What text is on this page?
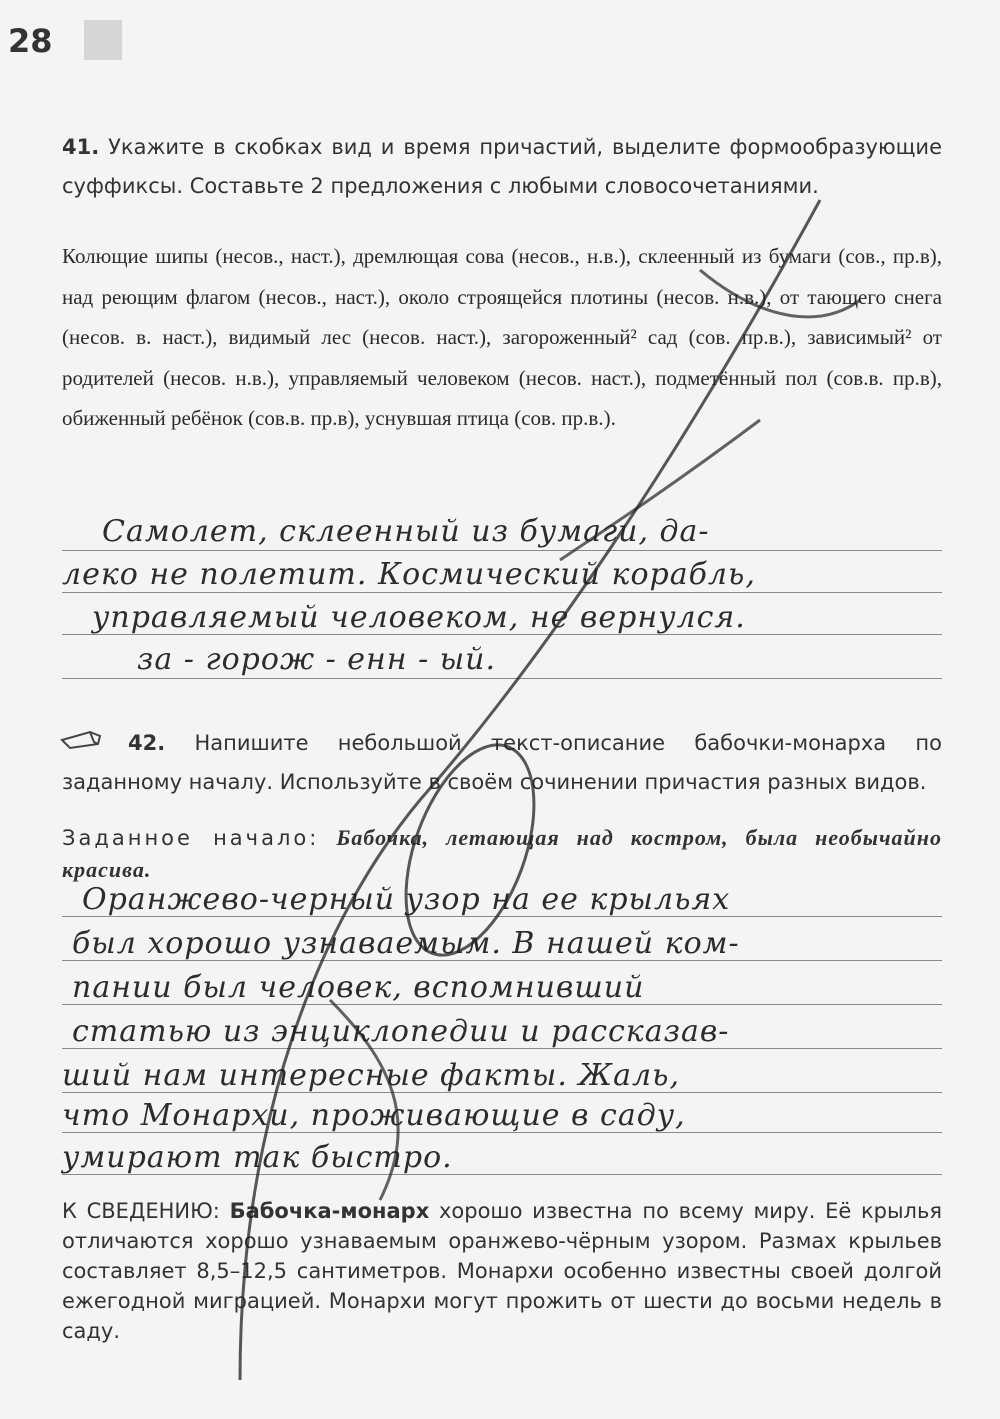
28
41. Укажите в скобках вид и время причастий, выделите формообразующие суффиксы. Составьте 2 предложения с любыми словосочетаниями.
Колющие шипы (несов., наст.), дремлющая сова (несов., н.в.), склеенный из бумаги (сов., пр.в), над реющим флагом (несов., наст.), около строящейся плотины (несов. н.в.), от тающего снега (несов. в. наст.), видимый лес (несов. наст.), загороженный² сад (сов. пр.в.), зависимый² от родителей (несов. н.в.), управляемый человеком (несов. наст.), подметённый пол (сов.в. пр.в), обиженный ребёнок (сов.в. пр.в), уснувшая птица (сов. пр.в.).
Самолет, склеенный из бумаги, да-
леко не полетит. Космический корабль,
управляемый человеком, не вернулся.
за - горож - енн - ый.
42. Напишите небольшой текст-описание бабочки-монарха по заданному началу. Используйте в своём сочинении причастия разных видов.
Заданное начало: Бабочка, летающая над костром, была необычайно красива.
Оранжево-черный узор на ее крыльях
был хорошо узнаваемым. В нашей ком-
пании был человек, вспомнивший
статью из энциклопедии и рассказав-
ший нам интересные факты. Жаль,
что Монархи, проживающие в саду,
умирают так быстро.
К СВЕДЕНИЮ: Бабочка-монарх хорошо известна по всему миру. Её крылья отличаются хорошо узнаваемым оранжево-чёрным узором. Размах крыльев составляет 8,5–12,5 сантиметров. Монархи особенно известны своей долгой ежегодной миграцией. Монархи могут прожить от шести до восьми недель в саду.
